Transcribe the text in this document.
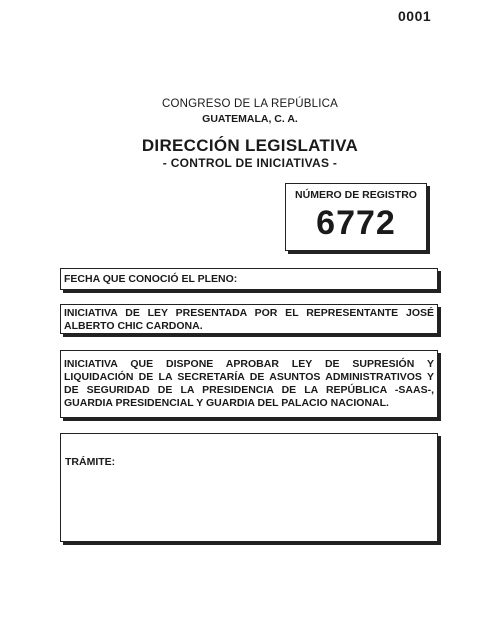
0001
CONGRESO DE LA REPÚBLICA
GUATEMALA, C. A.
DIRECCIÓN LEGISLATIVA
- CONTROL DE INICIATIVAS -
NÚMERO DE REGISTRO
6772
FECHA QUE CONOCIÓ EL PLENO:
INICIATIVA DE LEY PRESENTADA POR EL REPRESENTANTE JOSÉ ALBERTO CHIC CARDONA.
INICIATIVA QUE DISPONE APROBAR LEY DE SUPRESIÓN Y LIQUIDACIÓN DE LA SECRETARÍA DE ASUNTOS ADMINISTRATIVOS Y DE SEGURIDAD DE LA PRESIDENCIA DE LA REPÚBLICA -SAAS-, GUARDIA PRESIDENCIAL Y GUARDIA DEL PALACIO NACIONAL.
TRÁMITE:
